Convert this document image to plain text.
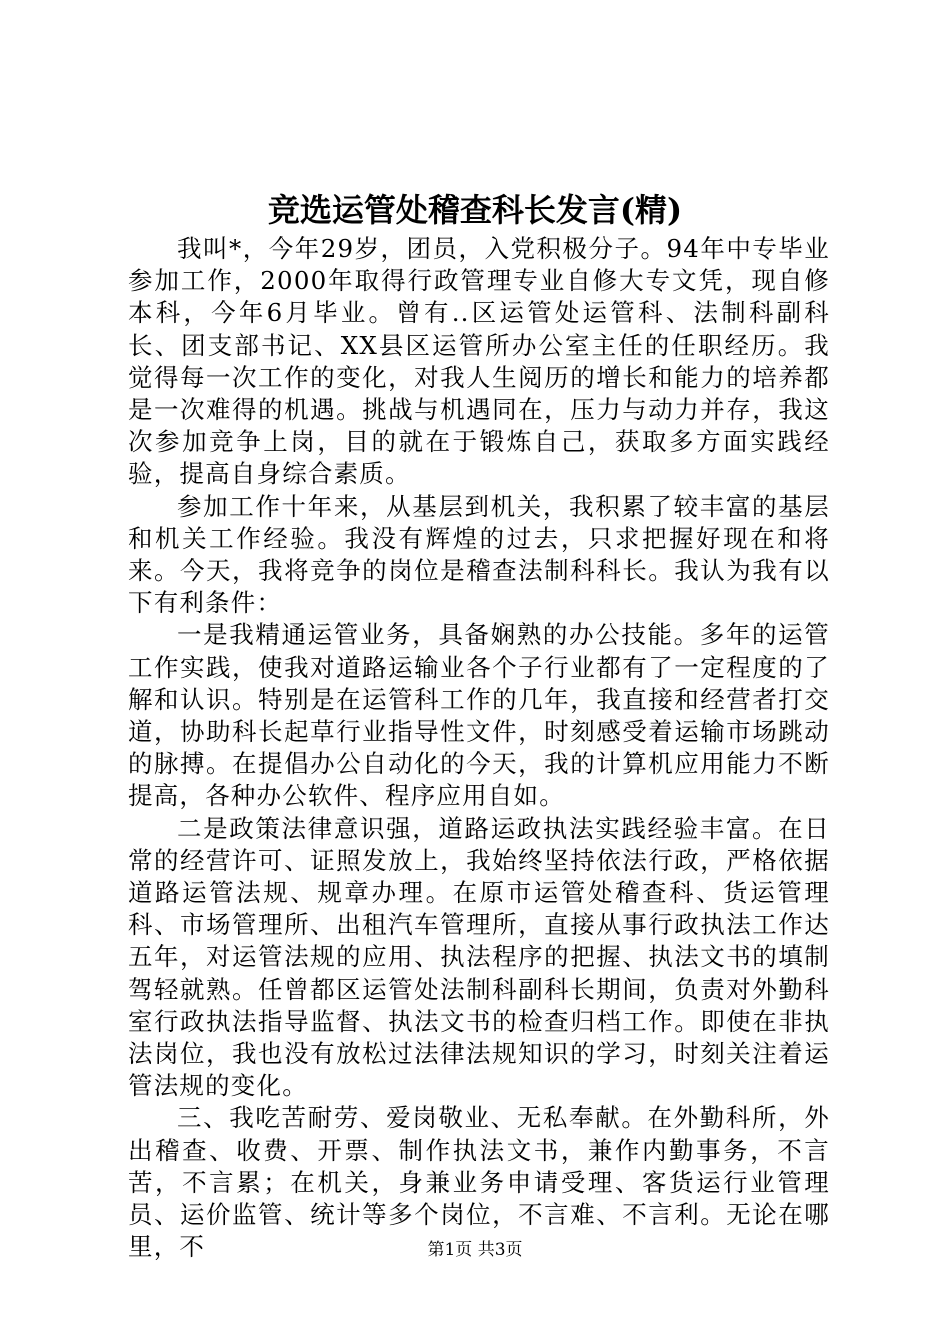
竞选运管处稽查科长发言(精)

我叫*，今年29岁，团员，入党积极分子。94年中专毕业参加工作，2000年取得行政管理专业自修大专文凭，现自修本科，今年6月毕业。曾有..区运管处运管科、法制科副科长、团支部书记、XX县区运管所办公室主任的任职经历。我觉得每一次工作的变化，对我人生阅历的增长和能力的培养都是一次难得的机遇。挑战与机遇同在，压力与动力并存，我这次参加竞争上岗，目的就在于锻炼自己，获取多方面实践经验，提高自身综合素质。

参加工作十年来，从基层到机关，我积累了较丰富的基层和机关工作经验。我没有辉煌的过去，只求把握好现在和将来。今天，我将竞争的岗位是稽查法制科科长。我认为我有以下有利条件：

一是我精通运管业务，具备娴熟的办公技能。多年的运管工作实践，使我对道路运输业各个子行业都有了一定程度的了解和认识。特别是在运管科工作的几年，我直接和经营者打交道，协助科长起草行业指导性文件，时刻感受着运输市场跳动的脉搏。在提倡办公自动化的今天，我的计算机应用能力不断提高，各种办公软件、程序应用自如。

二是政策法律意识强，道路运政执法实践经验丰富。在日常的经营许可、证照发放上，我始终坚持依法行政，严格依据道路运管法规、规章办理。在原市运管处稽查科、货运管理科、市场管理所、出租汽车管理所，直接从事行政执法工作达五年，对运管法规的应用、执法程序的把握、执法文书的填制驾轻就熟。任曾都区运管处法制科副科长期间，负责对外勤科室行政执法指导监督、执法文书的检查归档工作。即使在非执法岗位，我也没有放松过法律法规知识的学习，时刻关注着运管法规的变化。

三、我吃苦耐劳、爱岗敬业、无私奉献。在外勤科所，外出稽查、收费、开票、制作执法文书，兼作内勤事务，不言苦，不言累；在机关，身兼业务申请受理、客货运行业管理员、运价监管、统计等多个岗位，不言难、不言利。无论在哪里，不	第1页 共3页
